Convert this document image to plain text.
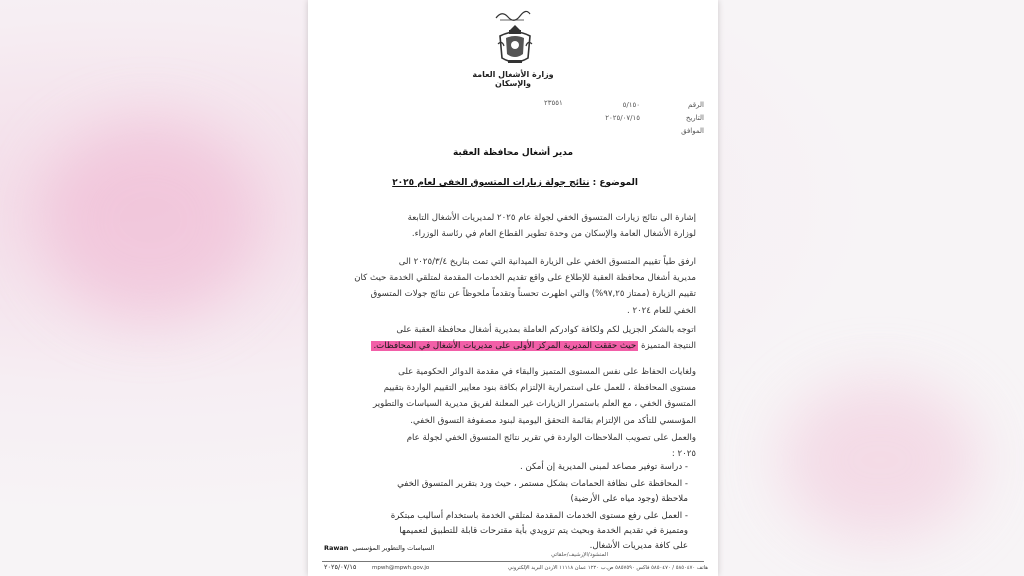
وزارة الأشغال العامة والإسكان
الرقم
التاريخ
الموافق
٥/١٥٠
٢٠٢٥/٠٧/١٥
٢٣٥٥١
مدير أشغال محافظة العقبة
الموضوع : نتائج جولة زيارات المتسوق الخفي لعام ٢٠٢٥
إشارة الى نتائج زيارات المتسوق الخفي لجولة عام ٢٠٢٥ لمديريات الأشغال التابعة
لوزارة الأشغال العامة والإسكان من وحدة تطوير القطاع العام في رئاسة الوزراء.
ارفق طياً تقييم المتسوق الخفي على الزيارة الميدانية التي تمت بتاريخ ٢٠٢٥/٣/٤ الى
مديرية أشغال محافظة العقبة للإطلاع على واقع تقديم الخدمات المقدمة لمتلقي الخدمة حيث كان
تقييم الزيارة (ممتاز ٩٧,٢٥%) والتي اظهرت تحسناً وتقدماً ملحوظاً عن نتائج جولات المتسوق
الخفي للعام ٢٠٢٤ .
اتوجه بالشكر الجزيل لكم ولكافة كوادركم العاملة بمديرية أشغال محافظة العقبة على
النتيجة المتميزة حيث حققت المديرية المركز الأولى على مديريات الأشغال في المحافظات.
ولغايات الحفاظ على نفس المستوى المتميز والبقاء في مقدمة الدوائر الحكومية على
مستوى المحافظة ، للعمل على استمرارية الإلتزام بكافة بنود معايير التقييم الواردة بتقييم
المتسوق الخفي ، مع العلم باستمرار الزيارات غير المعلنة لفريق مديرية السياسات والتطوير
المؤسسي للتأكد من الإلتزام بقائمة التحقق اليومية لبنود مصفوفة التسوق الخفي.
والعمل على تصويب الملاحظات الواردة في تقرير نتائج المتسوق الخفي لجولة عام
٢٠٢٥ :
- دراسة توفير مصاعد لمبنى المديرية إن أمكن .
- المحافظة على نظافة الحمامات بشكل مستمر ، حيث ورد بتقرير المتسوق الخفي
ملاحظة (وجود مياه على الأرضية)
- العمل على رفع مستوى الخدمات المقدمة لمتلقي الخدمة باستخدام أساليب مبتكرة
ومتميزة في تقديم الخدمة وبحيث يتم تزويدي بأية مقترحات قابلة للتطبيق لتعميمها
على كافة مديريات الأشغال.
Rawan السياسات والتطوير المؤسسي
٢٠٢٥/٠٧/١٥
المنشود/الإرشيف/حلقاتي
هاتف ٥٨٥٠٤٧٠ / ٥٨٥٠٤٧٠ فاكس ٥٨٥٧٥٩٠ ص.ب ١٢٢٠ عمان ١١١١٨ الأردن البريد الإلكتروني
mpwh@mpwh.gov.jo
